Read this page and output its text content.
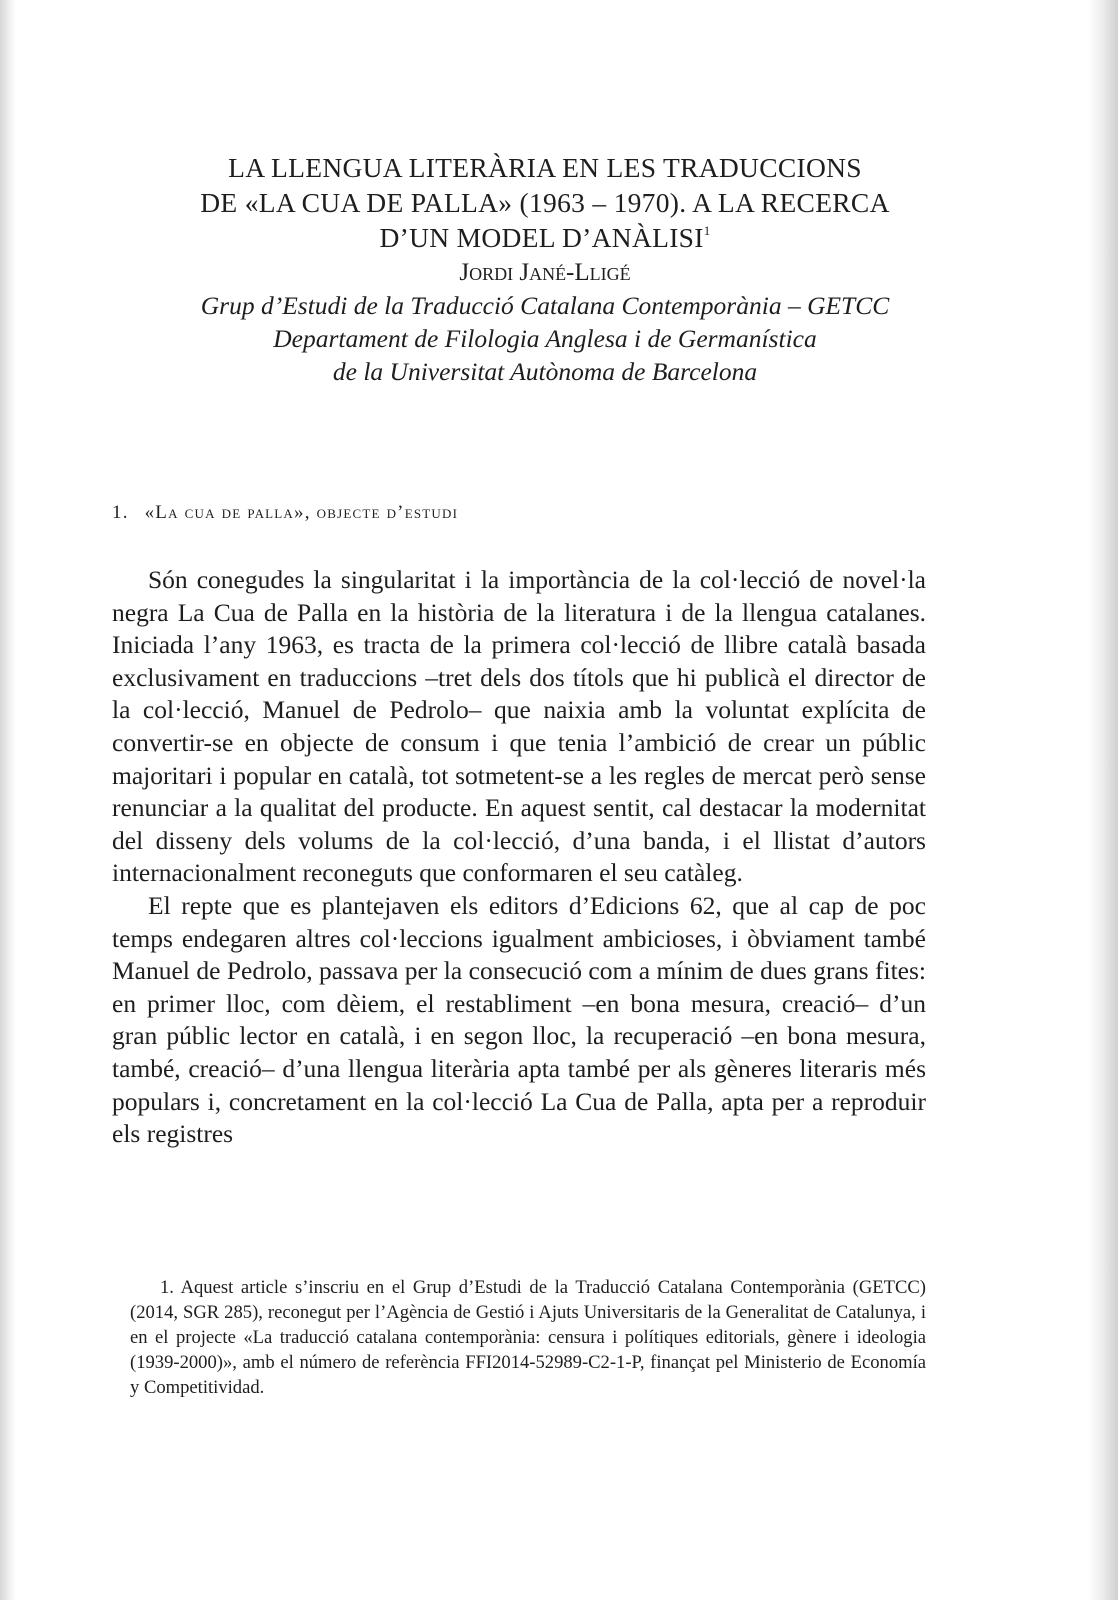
LA LLENGUA LITERÀRIA EN LES TRADUCCIONS
DE «LA CUA DE PALLA» (1963 – 1970). A LA RECERCA
D’UN MODEL D’ANÀLISI$^1$
Jordi Jané-Lligé
Grup d’Estudi de la Traducció Catalana Contemporània – GETCC
Departament de Filologia Anglesa i de Germanística
de la Universitat Autònoma de Barcelona
1. «La cua de palla», objecte d’estudi

Són conegudes la singularitat i la importància de la col·lecció de novel·la negra La Cua de Palla en la història de la literatura i de la llengua catalanes. Iniciada l’any 1963, es tracta de la primera col·lecció de llibre català basada exclusivament en traduccions –tret dels dos títols que hi publicà el director de la col·lecció, Manuel de Pedrolo– que naixia amb la voluntat explícita de convertir-se en objecte de consum i que tenia l’ambició de crear un públic majoritari i popular en català, tot sotmetent-se a les regles de mercat però sense renunciar a la qualitat del producte. En aquest sentit, cal destacar la modernitat del disseny dels volums de la col·lecció, d’una banda, i el llistat d’autors internacionalment reconeguts que conformaren el seu catàleg.

El repte que es plantejaven els editors d’Edicions 62, que al cap de poc temps endegaren altres col·leccions igualment ambicioses, i òbviament també Manuel de Pedrolo, passava per la consecució com a mínim de dues grans fites: en primer lloc, com dèiem, el restabliment –en bona mesura, creació– d’un gran públic lector en català, i en segon lloc, la recuperació –en bona mesura, també, creació– d’una llengua literària apta també per als gèneres literaris més populars i, concretament en la col·lecció La Cua de Palla, apta per a reproduir els registres

1. Aquest article s’inscriu en el Grup d’Estudi de la Traducció Catalana Contemporània (GETCC) (2014, SGR 285), reconegut per l’Agència de Gestió i Ajuts Universitaris de la Generalitat de Catalunya, i en el projecte «La traducció catalana contemporània: censura i polítiques editorials, gènere i ideologia (1939-2000)», amb el número de referència FFI2014-52989-C2-1-P, finançat pel Ministerio de Economía y Competitividad.
